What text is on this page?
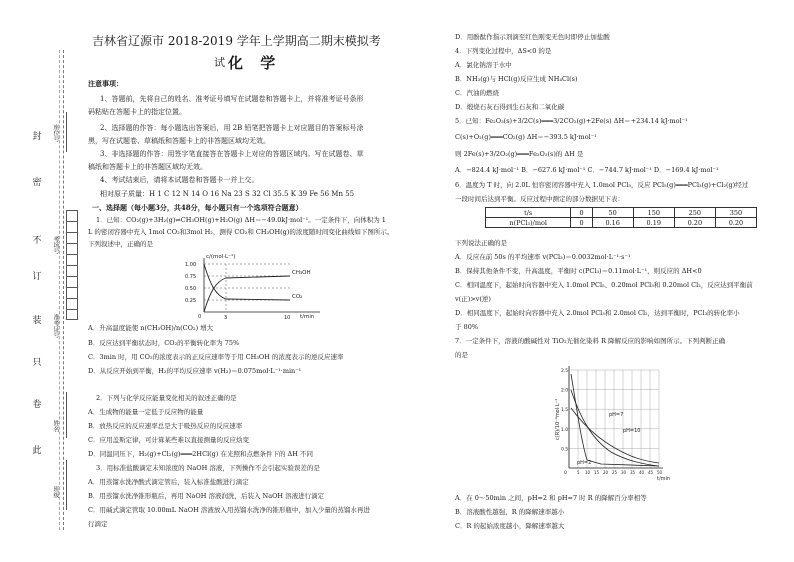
封
密
不
订
装
只
卷
此
座位号
考场号
准考证号
姓名
班级
吉林省辽源市 2018-2019 学年上学期高二期末模拟考
试 化 学
注意事项：
1、答题前，先将自己的姓名、准考证号填写在试题卷和答题卡上，并将准考证号条形
码粘贴在答题卡上的指定位置。
2、选择题的作答：每小题选出答案后，用 2B 铅笔把答题卡上对应题目的答案标号涂
黑，写在试题卷、草稿纸和答题卡上的非答题区域均无效。
3、非选择题的作答：用签字笔直接答在答题卡上对应的答题区域内。写在试题卷、草
稿纸和答题卡上的非答题区域均无效。
4、考试结束后，请将本试题卷和答题卡一并上交。
相对原子质量：H 1 C 12 N 14 O 16 Na 23 S 32 Cl 35.5 K 39 Fe 56 Mn 55
一、选择题（每小题3分，共48分，每小题只有一个选项符合题意）
1．已知：CO₂(g)+3H₂(g)⇌CH₃OH(g)+H₂O(g) ΔH＝−49.0kJ·mol⁻¹。一定条件下，向体积为 1
L 的密闭容器中充入 1mol CO₂和3mol H₂，测得 CO₂和 CH₃OH(g)的浓度随时间变化曲线如下图所示。
下列叙述中，正确的是
c/(mol·L⁻¹)
t/min
1.00
0.75
0.50
0.25
0	3	10
CH₃OH
CO₂
A．升高温度能使 n(CH₃OH)/n(CO₂) 增大
B．反应达到平衡状态时，CO₂的平衡转化率为 75%
C．3min 时，用 CO₂的浓度表示的正反应速率等于用 CH₃OH 的浓度表示的逆反应速率
D．从反应开始到平衡，H₂的平均反应速率 v(H₂)＝0.075mol·L⁻¹·min⁻¹
2．下列与化学反应能量变化相关的叙述正确的是
A．生成物的能量一定低于反应物的能量
B．放热反应的反应速率总是大于吸热反应的反应速率
C．应用盖斯定律，可计算某些难以直接测量的反应焓变
D．同温同压下，H₂(g)+Cl₂(g)═══2HCl(g) 在光照和点燃条件下的 ΔH 不同
3．用标准盐酸滴定未知浓度的 NaOH 溶液，下列操作不会引起实验误差的是
A．用蒸馏水洗净酸式滴定管后，装入标准盐酸进行滴定
B．用蒸馏水洗净锥形瓶后，再用 NaOH 溶液润洗，后装入 NaOH 溶液进行滴定
C．用碱式滴定管取 10.00mL NaOH 溶液放入用蒸馏水洗净的锥形瓶中，加入少量的蒸馏水再进
行滴定
D．用酚酞作指示剂滴至红色刚变无色时即停止加盐酸
4．下列变化过程中，ΔS<0 的是
A．氯化钠溶于水中
B．NH₃(g)与 HCl(g)反应生成 NH₄Cl(s)
C．汽油的燃烧
D．煅烧石灰石得到生石灰和二氧化碳
5．已知：Fe₂O₃(s)+3/2C(s)═══3/2CO₂(g)+2Fe(s) ΔH＝+234.14 kJ·mol⁻¹
C(s)+O₂(g)═══CO₂(g) ΔH＝−393.5 kJ·mol⁻¹
则 2Fe(s)+3/2O₂(g)═══Fe₂O₃(s)的 ΔH 是
A．−824.4 kJ·mol⁻¹ B．−627.6 kJ·mol⁻¹ C．−744.7 kJ·mol⁻¹ D．−169.4 kJ·mol⁻¹
6．温度为 T 时，向 2.0L 恒容密闭容器中充入 1.0mol PCl₅，反应 PCl₅(g)═══PCl₃(g)+Cl₂(g)经过
一段时间后达到平衡。反应过程中测定的部分数据见下表：
t/s	0	50	150	250	350
n(PCl₃)/mol	0	0.16	0.19	0.20	0.20
下列说法正确的是
A．反应在前 50s 的平均速率 v(PCl₃)＝0.0032mol·L⁻¹·s⁻¹
B．保持其他条件不变，升高温度，平衡时 c(PCl₃)＝0.11mol·L⁻¹，则反应的 ΔH<0
C．相同温度下，起始时向容器中充入 1.0mol PCl₅、0.20mol PCl₃和 0.20mol Cl₂，反应达到平衡前
v(正)>v(逆)
D．相同温度下，起始时向容器中充入 2.0mol PCl₃和 2.0mol Cl₂，达到平衡时，PCl₃的转化率小
于 80%
7．一定条件下，溶液的酸碱性对 TiO₂光催化染料 R 降解反应的影响如图所示。下列判断正确
的是
c(R)/10⁻⁴mol·L⁻¹
t/min
2.5
2.0
1.5
1.0
0.5
0	5 10 15 20 25 30 35 40 45 50
pH=7
pH=10
pH=2
A．在 0～50min 之间，pH=2 和 pH=7 时 R 的降解百分率相等
B．溶液酸性越强，R 的降解速率越小
C．R 的起始浓度越小，降解速率越大
